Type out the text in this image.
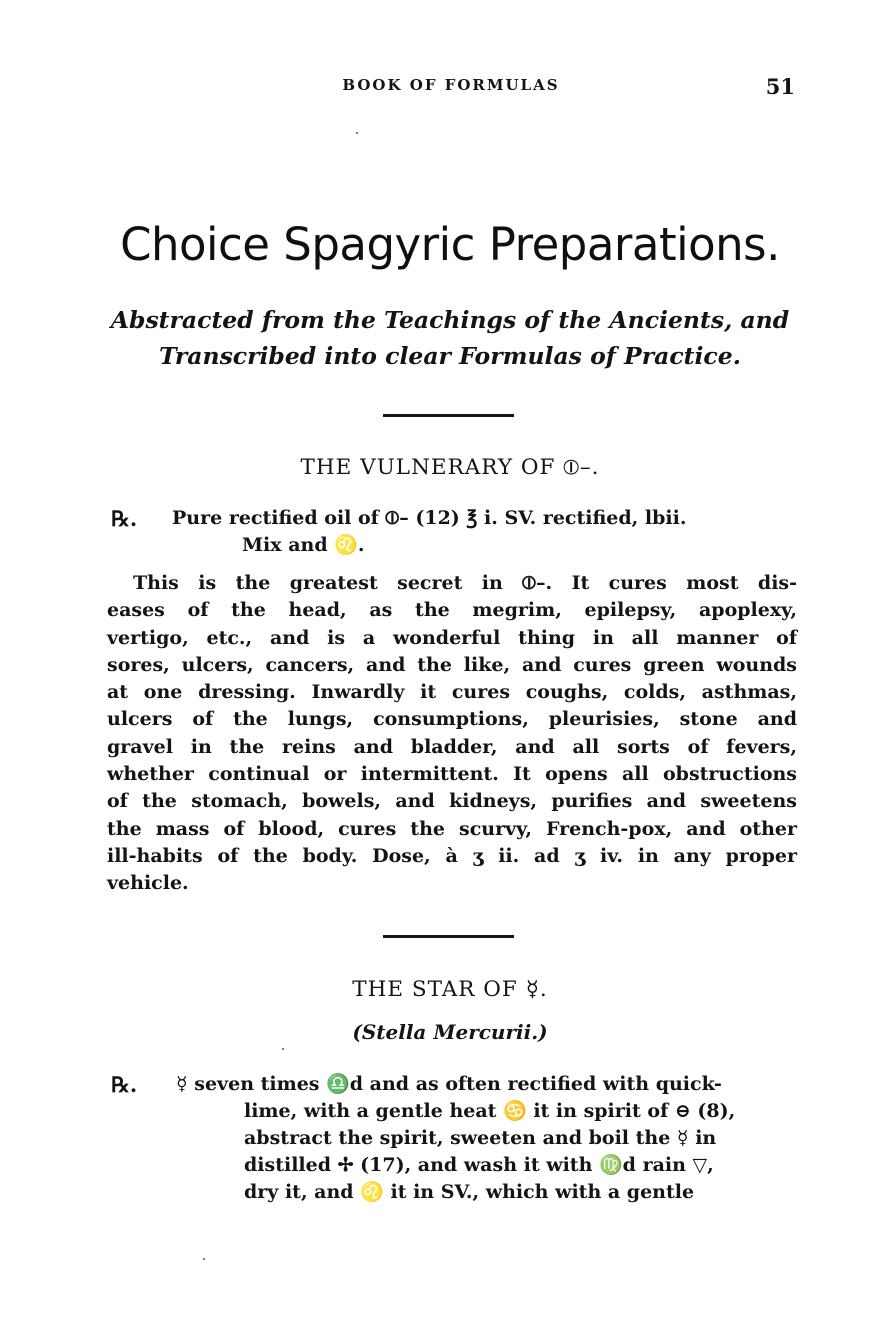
BOOK OF FORMULAS	51
Choice Spagyric Preparations.

Abstracted from the Teachings of the Ancients, and
Transcribed into clear Formulas of Practice.

THE VULNERARY OF ⦶–.
℞. Pure rectified oil of ⦶– (12) ℥ i. SV. rectified, lbii.
Mix and ♌.

This is the greatest secret in ⦶–. It cures most dis-
eases of the head, as the megrim, epilepsy, apoplexy,
vertigo, etc., and is a wonderful thing in all manner of
sores, ulcers, cancers, and the like, and cures green wounds
at one dressing. Inwardly it cures coughs, colds, asthmas,
ulcers of the lungs, consumptions, pleurisies, stone and
gravel in the reins and bladder, and all sorts of fevers,
whether continual or intermittent. It opens all obstructions
of the stomach, bowels, and kidneys, purifies and sweetens
the mass of blood, cures the scurvy, French-pox, and other
ill-habits of the body. Dose, à ʒ ii. ad ʒ iv. in any proper
vehicle.

THE STAR OF ☿.

(Stella Mercurii.)

℞. ☿ seven times ♎d and as often rectified with quick-
lime, with a gentle heat ♋ it in spirit of ⊖ (8),
abstract the spirit, sweeten and boil the ☿ in
distilled ✢ (17), and wash it with ♍d rain ▽,
dry it, and ♌ it in SV., which with a gentle
